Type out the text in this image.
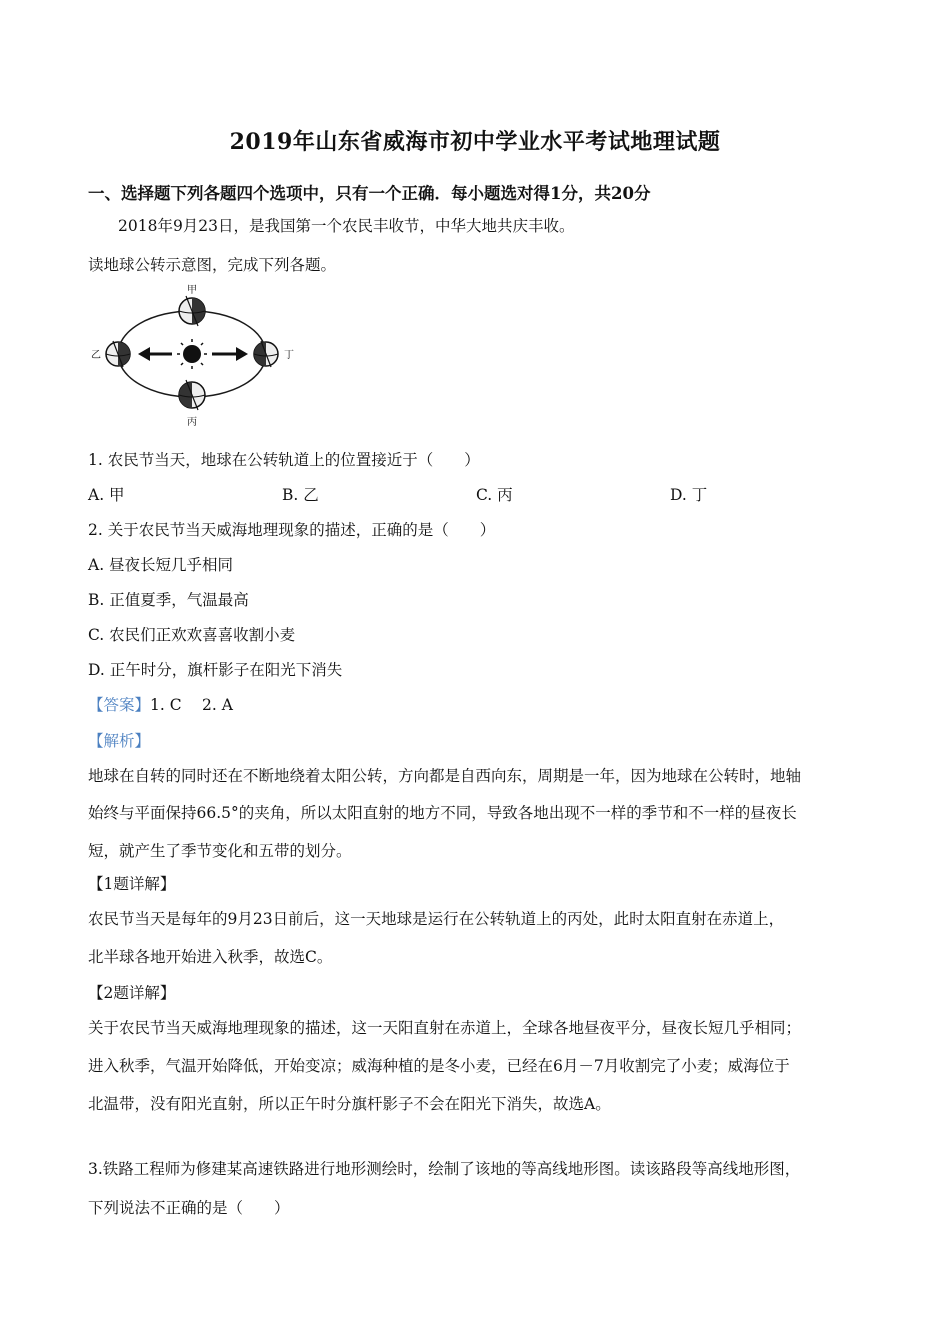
2019年山东省威海市初中学业水平考试地理试题
一、选择题下列各题四个选项中，只有一个正确．每小题选对得1分，共20分
2018年9月23日，是我国第一个农民丰收节，中华大地共庆丰收。
读地球公转示意图，完成下列各题。
甲
丙
乙	丁
1. 农民节当天，地球在公转轨道上的位置接近于（　　）
A. 甲	B. 乙	C. 丙	D. 丁
2. 关于农民节当天威海地理现象的描述，正确的是（　　）
A. 昼夜长短几乎相同
B. 正值夏季，气温最高
C. 农民们正欢欢喜喜收割小麦
D. 正午时分，旗杆影子在阳光下消失
【答案】1. C　 2. A
【解析】
地球在自转的同时还在不断地绕着太阳公转，方向都是自西向东，周期是一年，因为地球在公转时，地轴
始终与平面保持66.5°的夹角，所以太阳直射的地方不同，导致各地出现不一样的季节和不一样的昼夜长
短，就产生了季节变化和五带的划分。
【1题详解】
农民节当天是每年的9月23日前后，这一天地球是运行在公转轨道上的丙处，此时太阳直射在赤道上，
北半球各地开始进入秋季，故选C。
【2题详解】
关于农民节当天威海地理现象的描述，这一天阳直射在赤道上，全球各地昼夜平分，昼夜长短几乎相同；
进入秋季，气温开始降低，开始变凉；威海种植的是冬小麦，已经在6月－7月收割完了小麦；威海位于
北温带，没有阳光直射，所以正午时分旗杆影子不会在阳光下消失，故选A。
3.铁路工程师为修建某高速铁路进行地形测绘时，绘制了该地的等高线地形图。读该路段等高线地形图，
下列说法不正确的是（　　）
